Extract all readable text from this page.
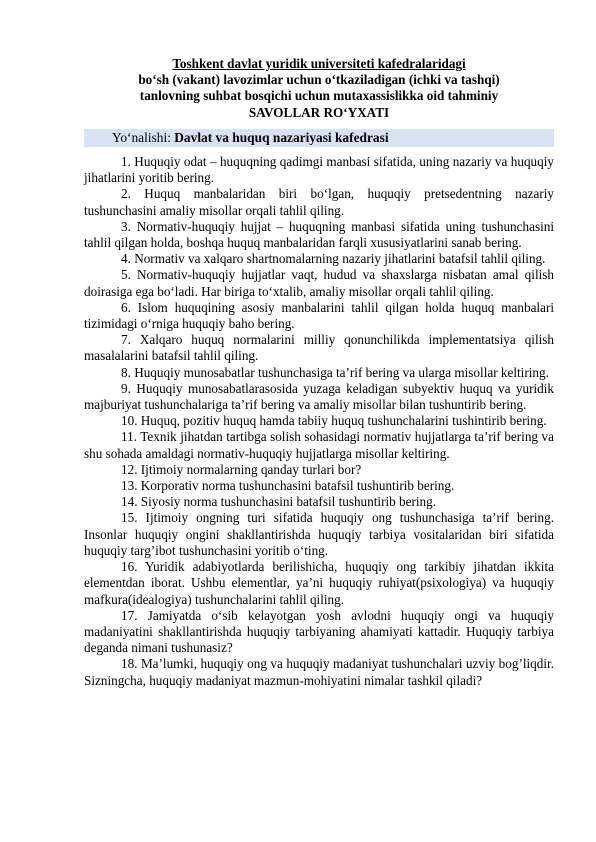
Toshkent davlat yuridik universiteti kafedralaridagi
bo‘sh (vakant) lavozimlar uchun o‘tkaziladigan (ichki va tashqi)
tanlovning suhbat bosqichi uchun mutaxassislikka oid tahminiy
SAVOLLAR RO‘YXATI
Yo‘nalishi: Davlat va huquq nazariyasi kafedrasi

1. Huquqiy odat – huquqning qadimgi manbasi sifatida, uning nazariy va huquqiy jihatlarini yoritib bering.

2. Huquq manbalaridan biri bo‘lgan, huquqiy pretsedentning nazariy tushunchasini amaliy misollar orqali tahlil qiling.

3. Normativ-huquqiy hujjat – huquqning manbasi sifatida uning tushunchasini tahlil qilgan holda, boshqa huquq manbalaridan farqli xususiyatlarini sanab bering.

4. Normativ va xalqaro shartnomalarning nazariy jihatlarini batafsil tahlil qiling.

5. Normativ-huquqiy hujjatlar vaqt, hudud va shaxslarga nisbatan amal qilish doirasiga ega bo‘ladi. Har biriga to‘xtalib, amaliy misollar orqali tahlil qiling.

6. Islom huquqining asosiy manbalarini tahlil qilgan holda huquq manbalari tizimidagi o‘rniga huquqiy baho bering.

7. Xalqaro huquq normalarini milliy qonunchilikda implementatsiya qilish masalalarini batafsil tahlil qiling.

8. Huquqiy munosabatlar tushunchasiga ta’rif bering va ularga misollar keltiring.

9. Huquqiy munosabatlarasosida yuzaga keladigan subyektiv huquq va yuridik majburiyat tushunchalariga ta’rif bering va amaliy misollar bilan tushuntirib bering.

10. Huquq, pozitiv huquq hamda tabiiy huquq tushunchalarini tushintirib bering.

11. Texnik jihatdan tartibga solish sohasidagi normativ hujjatlarga ta’rif bering va shu sohada amaldagi normativ-huquqiy hujjatlarga misollar keltiring.

12. Ijtimoiy normalarning qanday turlari bor?

13. Korporativ norma tushunchasini batafsil tushuntirib bering.

14. Siyosiy norma tushunchasini batafsil tushuntirib bering.

15. Ijtimoiy ongning turi sifatida huquqiy ong tushunchasiga ta’rif bering. Insonlar huquqiy ongini shakllantirishda huquqiy tarbiya vositalaridan biri sifatida huquqiy targ’ibot tushunchasini yoritib o‘ting.

16. Yuridik adabiyotlarda berilishicha, huquqiy ong tarkibiy jihatdan ikkita elementdan iborat. Ushbu elementlar, ya’ni huquqiy ruhiyat(psixologiya) va huquqiy mafkura(idealogiya) tushunchalarini tahlil qiling.

17. Jamiyatda o‘sib kelayotgan yosh avlodni huquqiy ongi va huquqiy madaniyatini shakllantirishda huquqiy tarbiyaning ahamiyati kattadir. Huquqiy tarbiya deganda nimani tushunasiz?

18. Ma’lumki, huquqiy ong va huquqiy madaniyat tushunchalari uzviy bog’liqdir. Sizningcha, huquqiy madaniyat mazmun-mohiyatini nimalar tashkil qiladi?
